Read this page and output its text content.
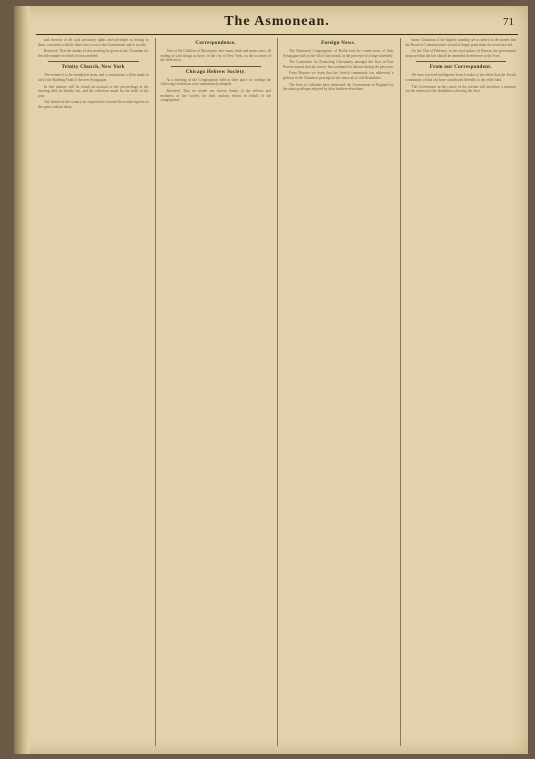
The Asmonean.	71

and exercise of all such pecuniary rights and privileges as belong to them, consistent with the duties they owe to the Government and to society.

Resolved, That the thanks of this meeting be given to the Chairman for the able manner in which he has presided.

Trinity Church, New York

The sermon is to be attended at noon, and a contribution will be made in aid of the Building Fund of the new Synagogue.

In this number will be found an account of the proceedings at the meeting held on Sunday last, and the collection made for the relief of the poor.

Our friends in the country are requested to forward their subscriptions to the agent without delay.

Correspondence.

Vote of the Children of Missionary, how many trials and many cares, all ending in such things as these, in the city of New York, on the occasion of the dedication.

Chicago Hebrew Society.

At a meeting of the Congregation held at their place of worship the following resolutions were unanimously adopted.

Resolved, That we tender our sincere thanks to the officers and members of the society for their zealous efforts in behalf of the congregation.

Foreign News.

The Reformed Congregation of Berlin had the corner-stone of their Synagogue laid on the 8th of last month, in the presence of a large assembly.

The Committee for Promoting Christianity amongst the Jews in East Prussia reports that the society has continued its labours during the past year.

From Bavaria we learn that the Jewish community has addressed a petition to the Chambers praying for the removal of civil disabilities.

The Jews in Gibraltar have petitioned the Government in England for the same privileges enjoyed by their brethren elsewhere.

many Christians of the highest standing are as united in the prayer that the Board of Commissioners would at length grant them the necessary aid.

On the 15th of February, in the royal palace of Prussia, the government proposed that the law should be amended in reference to the Jews.

From our Correspondent.

We have received intelligence from London to the effect that the Jewish community of that city have contributed liberally to the relief fund.

The Government in the course of the session will introduce a measure for the removal of the disabilities affecting the Jews.
